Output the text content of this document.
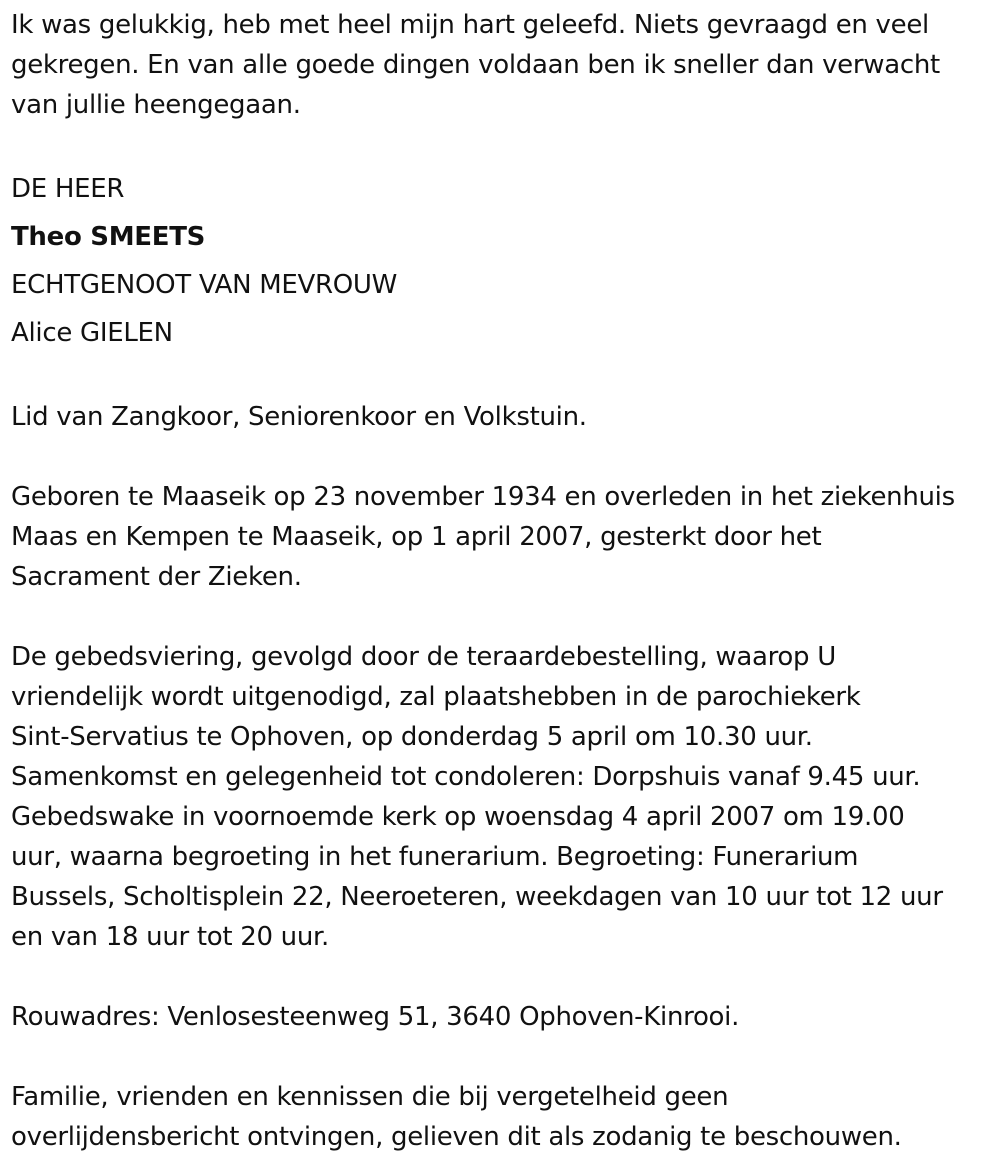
Ik was gelukkig, heb met heel mijn hart geleefd. Niets gevraagd en veel
gekregen. En van alle goede dingen voldaan ben ik sneller dan verwacht
van jullie heengegaan.
DE HEER
Theo SMEETS
ECHTGENOOT VAN MEVROUW
Alice GIELEN
Lid van Zangkoor, Seniorenkoor en Volkstuin.
Geboren te Maaseik op 23 november 1934 en overleden in het ziekenhuis
Maas en Kempen te Maaseik, op 1 april 2007, gesterkt door het
Sacrament der Zieken.
De gebedsviering, gevolgd door de teraardebestelling, waarop U
vriendelijk wordt uitgenodigd, zal plaatshebben in de parochiekerk
Sint-Servatius te Ophoven, op donderdag 5 april om 10.30 uur.
Samenkomst en gelegenheid tot condoleren: Dorpshuis vanaf 9.45 uur.
Gebedswake in voornoemde kerk op woensdag 4 april 2007 om 19.00
uur, waarna begroeting in het funerarium. Begroeting: Funerarium
Bussels, Scholtisplein 22, Neeroeteren, weekdagen van 10 uur tot 12 uur
en van 18 uur tot 20 uur.
Rouwadres: Venlosesteenweg 51, 3640 Ophoven-Kinrooi.
Familie, vrienden en kennissen die bij vergetelheid geen
overlijdensbericht ontvingen, gelieven dit als zodanig te beschouwen.
